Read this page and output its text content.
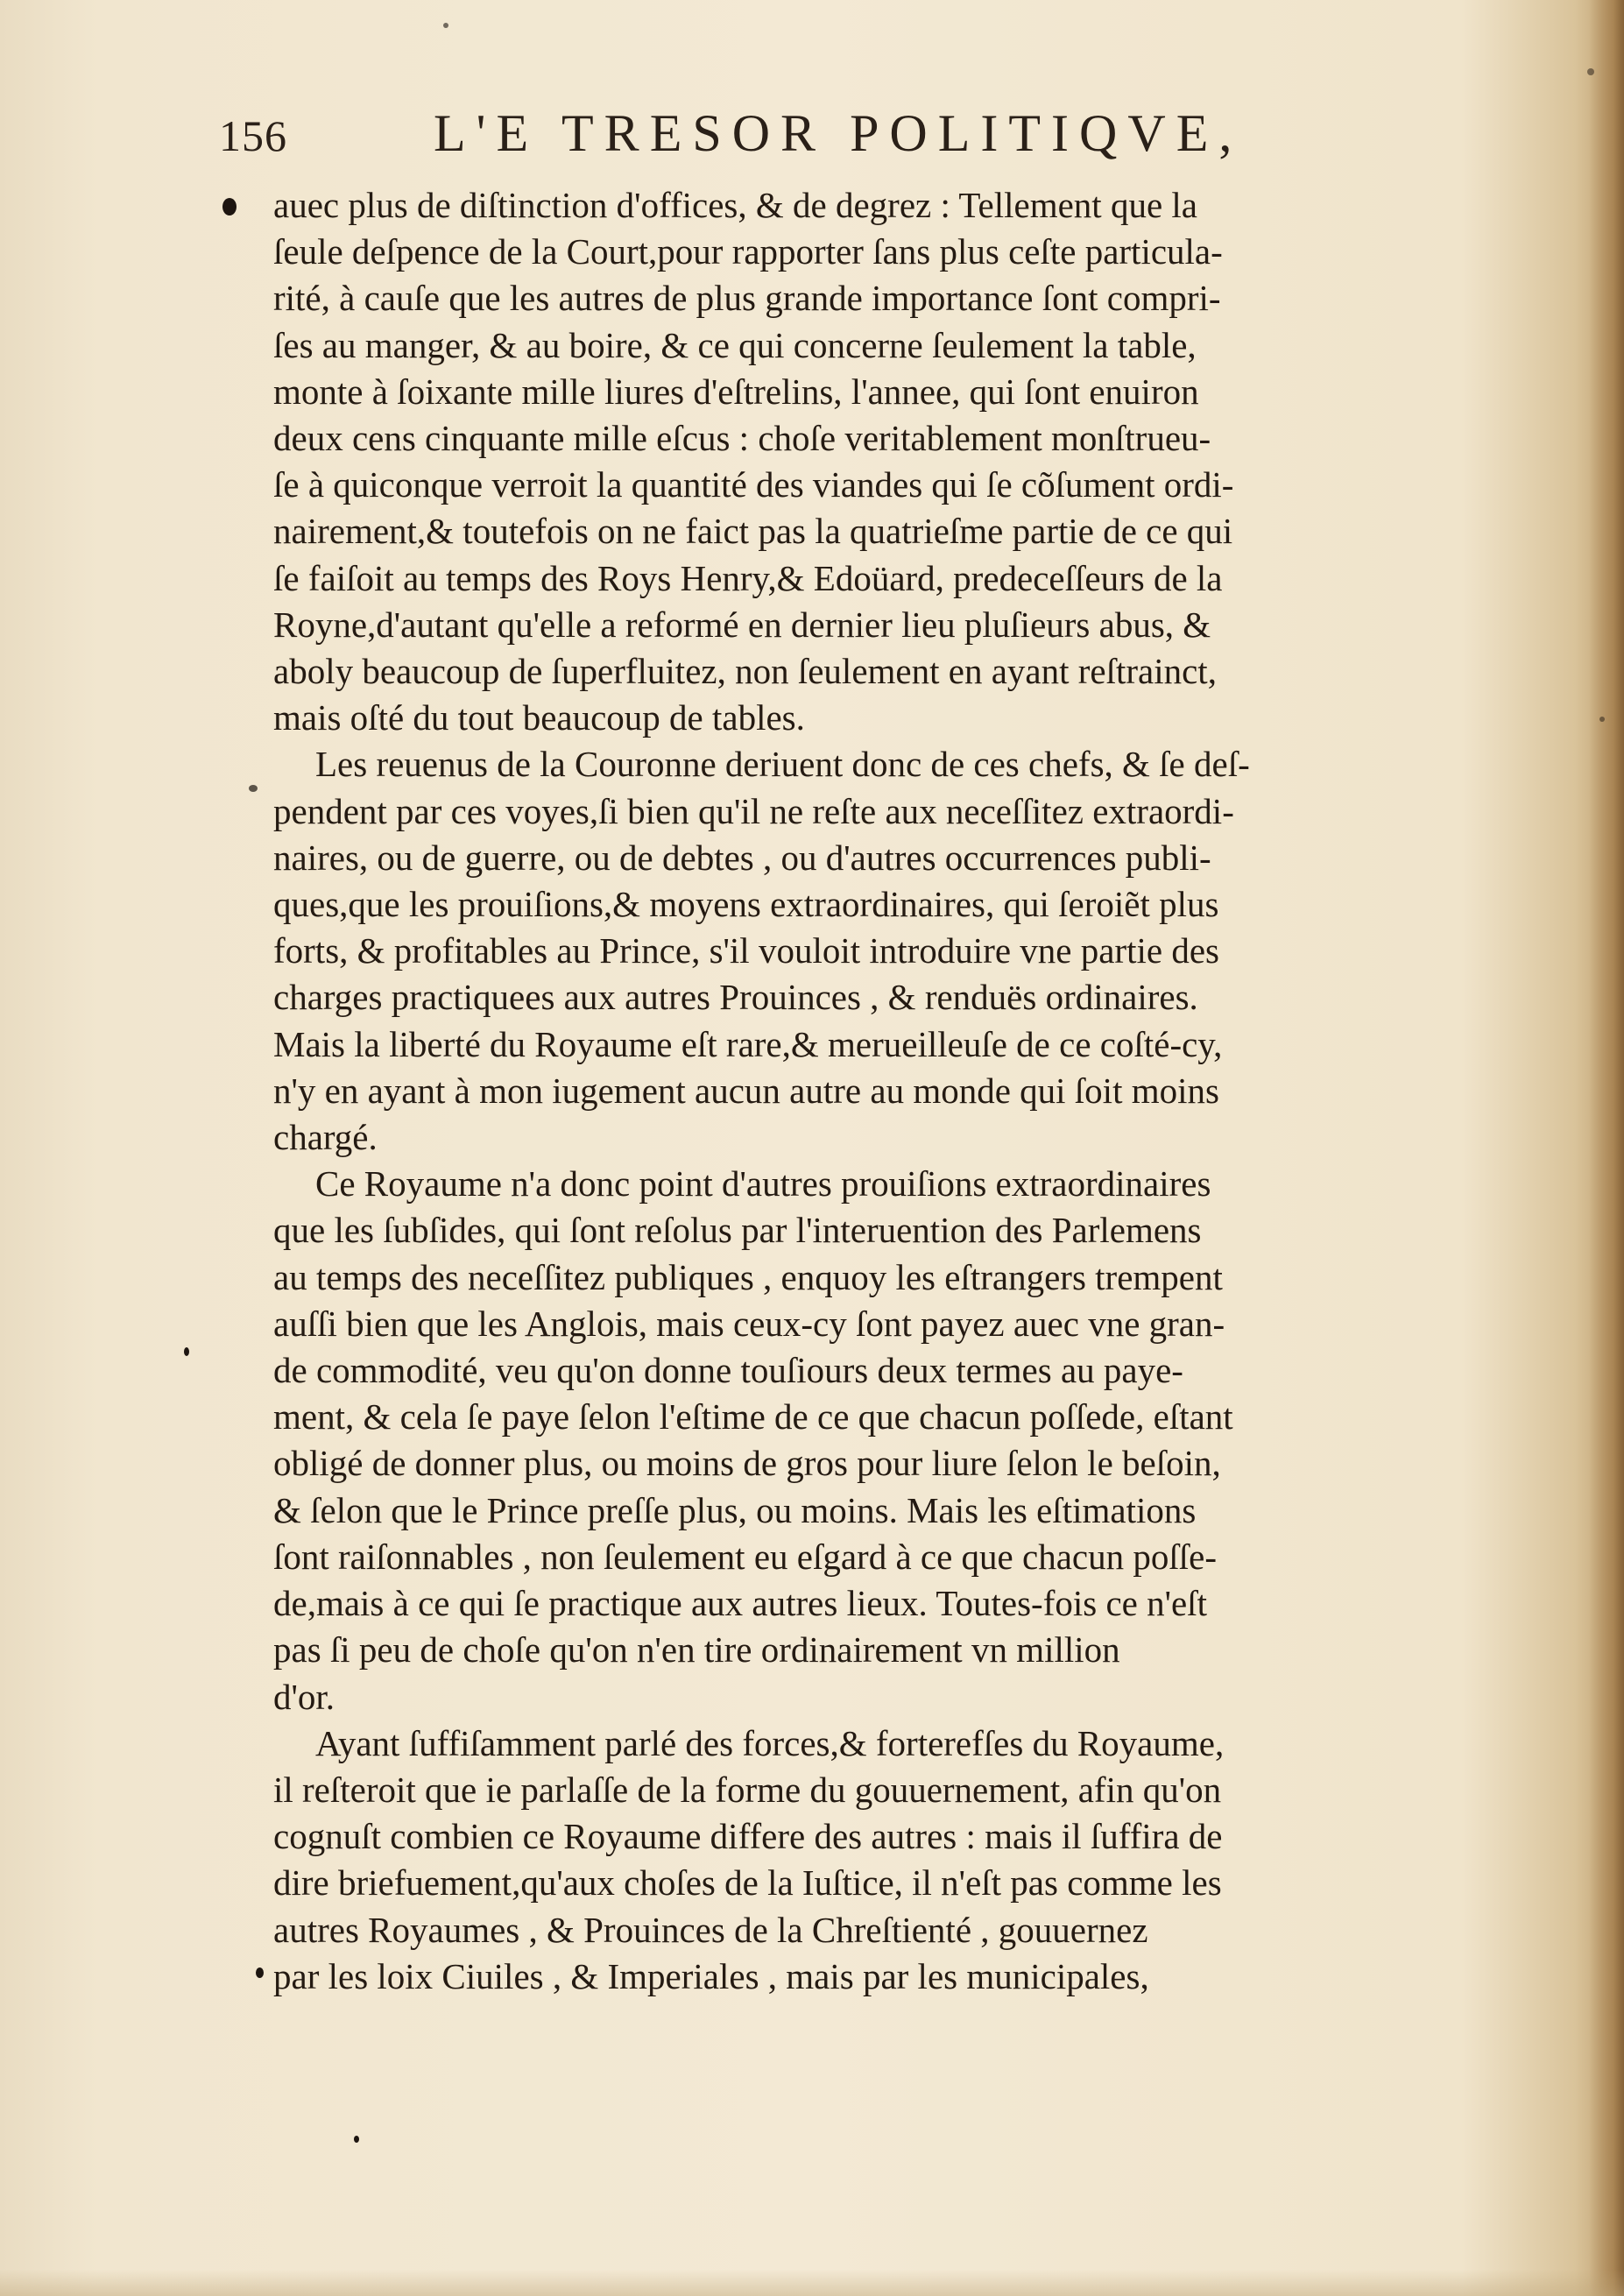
156	L'E TRESOR POLITIQVE,

auec plus de diſtinction d'offices, & de degrez : Tellement que la
ſeule deſpence de la Court,pour rapporter ſans plus ceſte particula-
rité, à cauſe que les autres de plus grande importance ſont compri-
ſes au manger, & au boire, & ce qui concerne ſeulement la table,
monte à ſoixante mille liures d'eſtrelins, l'annee, qui ſont enuiron
deux cens cinquante mille eſcus : choſe veritablement monſtrueu-
ſe à quiconque verroit la quantité des viandes qui ſe cõſument ordi-
nairement,& toutefois on ne faict pas la quatrieſme partie de ce qui
ſe faiſoit au temps des Roys Henry,& Edoüard, predeceſſeurs de la
Royne,d'autant qu'elle a reformé en dernier lieu pluſieurs abus, &
aboly beaucoup de ſuperfluitez, non ſeulement en ayant reſtrainct,
mais oſté du tout beaucoup de tables.

Les reuenus de la Couronne deriuent donc de ces chefs, & ſe deſ-
pendent par ces voyes,ſi bien qu'il ne reſte aux neceſſitez extraordi-
naires, ou de guerre, ou de debtes , ou d'autres occurrences publi-
ques,que les prouiſions,& moyens extraordinaires, qui ſeroiẽt plus
forts, & profitables au Prince, s'il vouloit introduire vne partie des
charges practiquees aux autres Prouinces , & renduës ordinaires.
Mais la liberté du Royaume eſt rare,& merueilleuſe de ce coſté-cy,
n'y en ayant à mon iugement aucun autre au monde qui ſoit moins
chargé.

Ce Royaume n'a donc point d'autres prouiſions extraordinaires
que les ſubſides, qui ſont reſolus par l'interuention des Parlemens
au temps des neceſſitez publiques , enquoy les eſtrangers trempent
auſſi bien que les Anglois, mais ceux-cy ſont payez auec vne gran-
de commodité, veu qu'on donne touſiours deux termes au paye-
ment, & cela ſe paye ſelon l'eſtime de ce que chacun poſſede, eſtant
obligé de donner plus, ou moins de gros pour liure ſelon le beſoin,
& ſelon que le Prince preſſe plus, ou moins. Mais les eſtimations
ſont raiſonnables , non ſeulement eu eſgard à ce que chacun poſſe-
de,mais à ce qui ſe practique aux autres lieux. Toutes-fois ce n'eſt
pas ſi peu de choſe qu'on n'en tire ordinairement vn million
d'or.

Ayant ſuffiſamment parlé des forces,& forterefſes du Royaume,
il reſteroit que ie parlaſſe de la forme du gouuernement, afin qu'on
cognuſt combien ce Royaume differe des autres : mais il ſuffira de
dire briefuement,qu'aux choſes de la Iuſtice, il n'eſt pas comme les
autres Royaumes , & Prouinces de la Chreſtienté , gouuernez
par les loix Ciuiles , & Imperiales , mais par les municipales,
